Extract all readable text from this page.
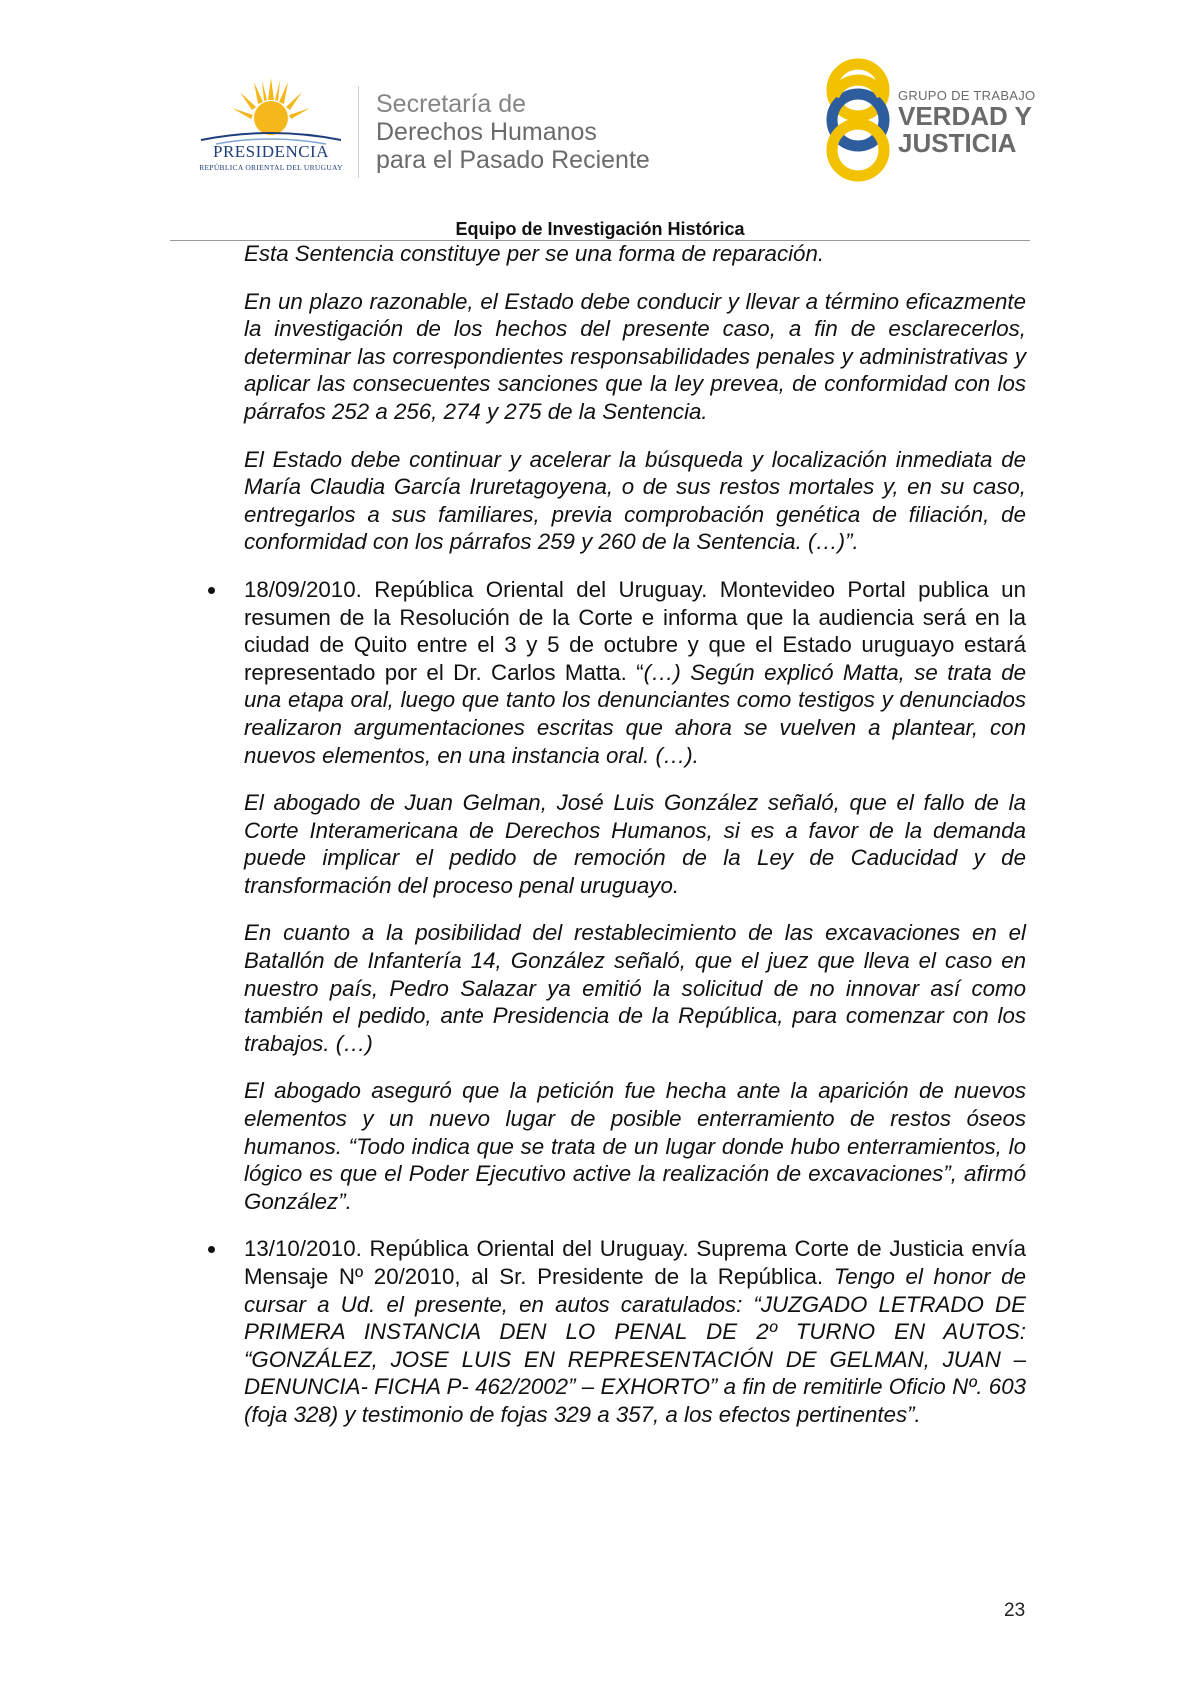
PRESIDENCIA
REPÚBLICA ORIENTAL DEL URUGUAY
Secretaría de
Derechos Humanos
para el Pasado Reciente
GRUPO DE TRABAJO
VERDAD Y
JUSTICIA
Equipo de Investigación Histórica

Esta Sentencia constituye per se una forma de reparación.

En un plazo razonable, el Estado debe conducir y llevar a término eficazmente la investigación de los hechos del presente caso, a fin de esclarecerlos, determinar las correspondientes responsabilidades penales y administrativas y aplicar las consecuentes sanciones que la ley prevea, de conformidad con los párrafos 252 a 256, 274 y 275 de la Sentencia.

El Estado debe continuar y acelerar la búsqueda y localización inmediata de María Claudia García Iruretagoyena, o de sus restos mortales y, en su caso, entregarlos a sus familiares, previa comprobación genética de filiación, de conformidad con los párrafos 259 y 260 de la Sentencia. (…)”.

18/09/2010. República Oriental del Uruguay. Montevideo Portal publica un resumen de la Resolución de la Corte e informa que la audiencia será en la ciudad de Quito entre el 3 y 5 de octubre y que el Estado uruguayo estará representado por el Dr. Carlos Matta. “(…) Según explicó Matta, se trata de una etapa oral, luego que tanto los denunciantes como testigos y denunciados realizaron argumentaciones escritas que ahora se vuelven a plantear, con nuevos elementos, en una instancia oral. (…).

El abogado de Juan Gelman, José Luis González señaló, que el fallo de la Corte Interamericana de Derechos Humanos, si es a favor de la demanda puede implicar el pedido de remoción de la Ley de Caducidad y de transformación del proceso penal uruguayo.

En cuanto a la posibilidad del restablecimiento de las excavaciones en el Batallón de Infantería 14, González señaló, que el juez que lleva el caso en nuestro país, Pedro Salazar ya emitió la solicitud de no innovar así como también el pedido, ante Presidencia de la República, para comenzar con los trabajos. (…)

El abogado aseguró que la petición fue hecha ante la aparición de nuevos elementos y un nuevo lugar de posible enterramiento de restos óseos humanos. “Todo indica que se trata de un lugar donde hubo enterramientos, lo lógico es que el Poder Ejecutivo active la realización de excavaciones”, afirmó González”.

13/10/2010. República Oriental del Uruguay. Suprema Corte de Justicia envía Mensaje Nº 20/2010, al Sr. Presidente de la República. Tengo el honor de cursar a Ud. el presente, en autos caratulados: “JUZGADO LETRADO DE PRIMERA INSTANCIA DEN LO PENAL DE 2º TURNO EN AUTOS: “GONZÁLEZ, JOSE LUIS EN REPRESENTACIÓN DE GELMAN, JUAN –DENUNCIA- FICHA P- 462/2002” – EXHORTO” a fin de remitirle Oficio Nº. 603 (foja 328) y testimonio de fojas 329 a 357, a los efectos pertinentes”.

23
